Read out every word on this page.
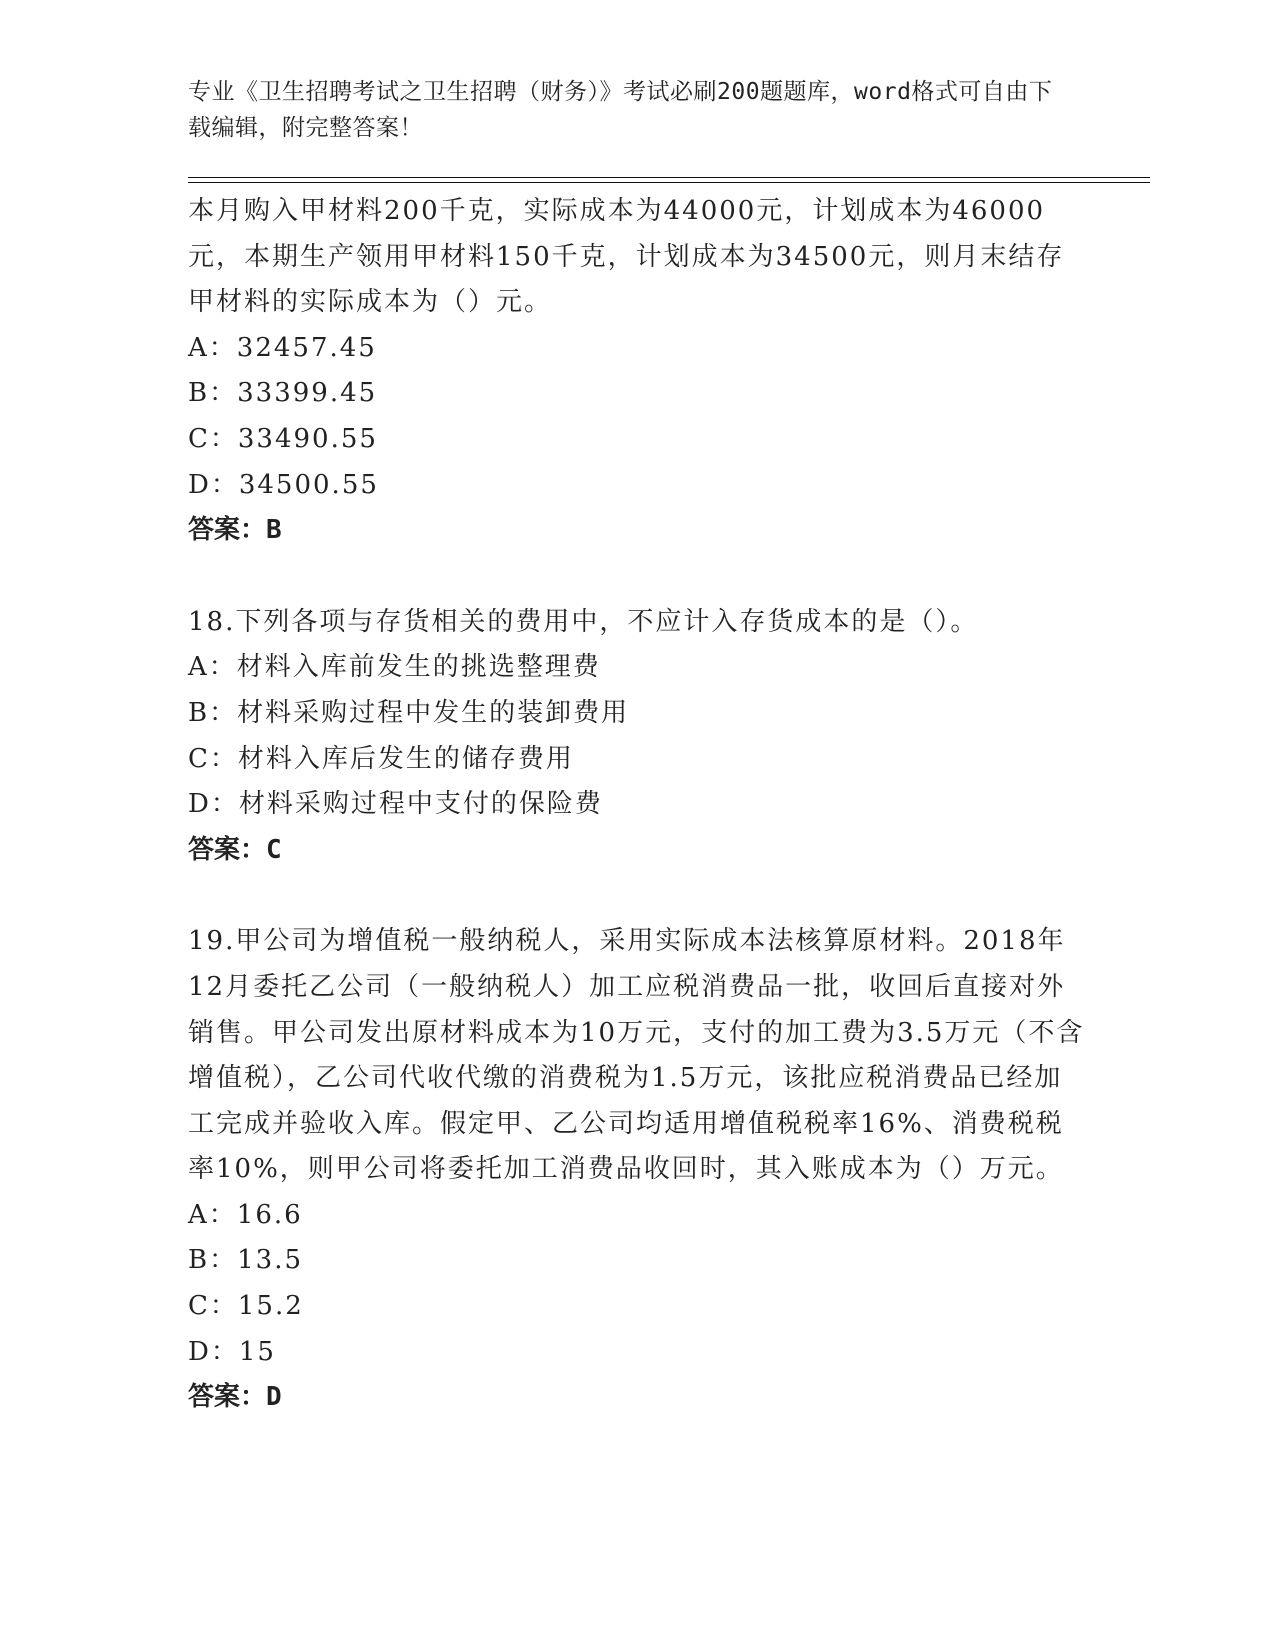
专业《卫生招聘考试之卫生招聘（财务）》考试必刷200题题库，word格式可自由下载编辑，附完整答案！

本月购入甲材料200千克，实际成本为44000元，计划成本为46000元，本期生产领用甲材料150千克，计划成本为34500元，则月末结存甲材料的实际成本为（）元。

A：32457.45

B：33399.45

C：33490.55

D：34500.55

答案：B

18.下列各项与存货相关的费用中，不应计入存货成本的是（）。

A：材料入库前发生的挑选整理费

B：材料采购过程中发生的装卸费用

C：材料入库后发生的储存费用

D：材料采购过程中支付的保险费

答案：C

19.甲公司为增值税一般纳税人，采用实际成本法核算原材料。2018年12月委托乙公司（一般纳税人）加工应税消费品一批，收回后直接对外销售。甲公司发出原材料成本为10万元，支付的加工费为3.5万元（不含增值税），乙公司代收代缴的消费税为1.5万元，该批应税消费品已经加工完成并验收入库。假定甲、乙公司均适用增值税税率16%、消费税税率10%，则甲公司将委托加工消费品收回时，其入账成本为（）万元。

A：16.6

B：13.5

C：15.2

D：15

答案：D
